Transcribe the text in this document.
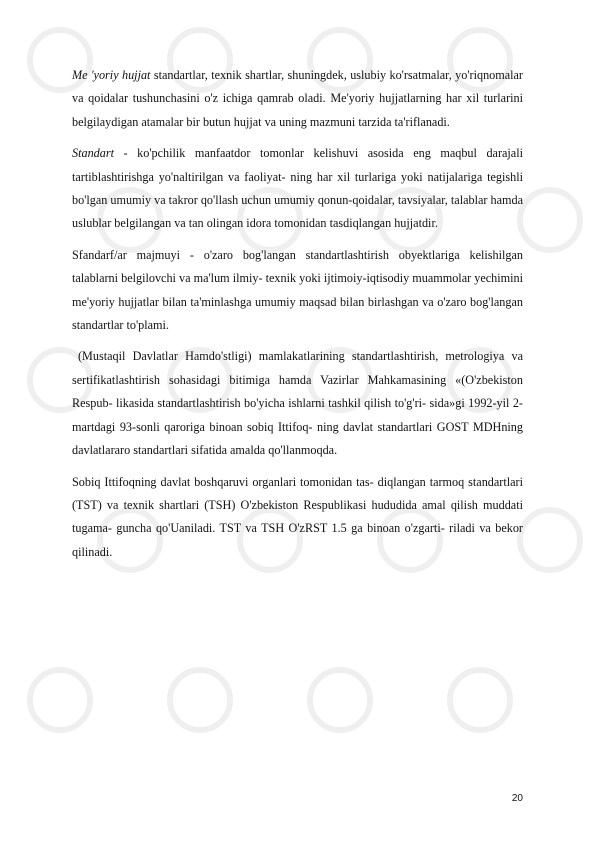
Me 'yoriy hujjat standartlar, texnik shartlar, shuningdek, uslubiy ko'rsatmalar, yo'riqnomalar va qoidalar tushunchasini o'z ichiga qamrab oladi. Me'yoriy hujjatlarning har xil turlarini belgilaydigan atamalar bir butun hujjat va uning mazmuni tarzida ta'riflanadi.

Standart - ko'pchilik manfaatdor tomonlar kelishuvi asosida eng maqbul darajali tartiblashtirishga yo'naltirilgan va faoliyat- ning har xil turlariga yoki natijalariga tegishli bo'lgan umumiy va takror qo'llash uchun umumiy qonun-qoidalar, tavsiyalar, talablar hamda uslublar belgilangan va tan olingan idora tomonidan tasdiqlangan hujjatdir.

Sfandarf/ar majmuyi - o'zaro bog'langan standartlashtirish obyektlariga kelishilgan talablarni belgilovchi va ma'lum ilmiy- texnik yoki ijtimoiy-iqtisodiy muammolar yechimini me'yoriy hujjatlar bilan ta'minlashga umumiy maqsad bilan birlashgan va o'zaro bog'langan standartlar to'plami.

(Mustaqil Davlatlar Hamdo'stligi) mamlakatlarining standartlashtirish, metrologiya va sertifikatlashtirish sohasidagi bitimiga hamda Vazirlar Mahkamasining «(O'zbekiston Respub- likasida standartlashtirish bo'yicha ishlarni tashkil qilish to'g'ri- sida»gi 1992-yil 2-martdagi 93-sonli qaroriga binoan sobiq Ittifoq- ning davlat standartlari GOST MDHning davlatlararo standartlari sifatida amalda qo'llanmoqda.

Sobiq Ittifoqning davlat boshqaruvi organlari tomonidan tas- diqlangan tarmoq standartlari (TST) va texnik shartlari (TSH) O'zbekiston Respublikasi hududida amal qilish muddati tugama- guncha qo'Uaniladi. TST va TSH O'zRST 1.5 ga binoan o'zgarti- riladi va bekor qilinadi.

20
